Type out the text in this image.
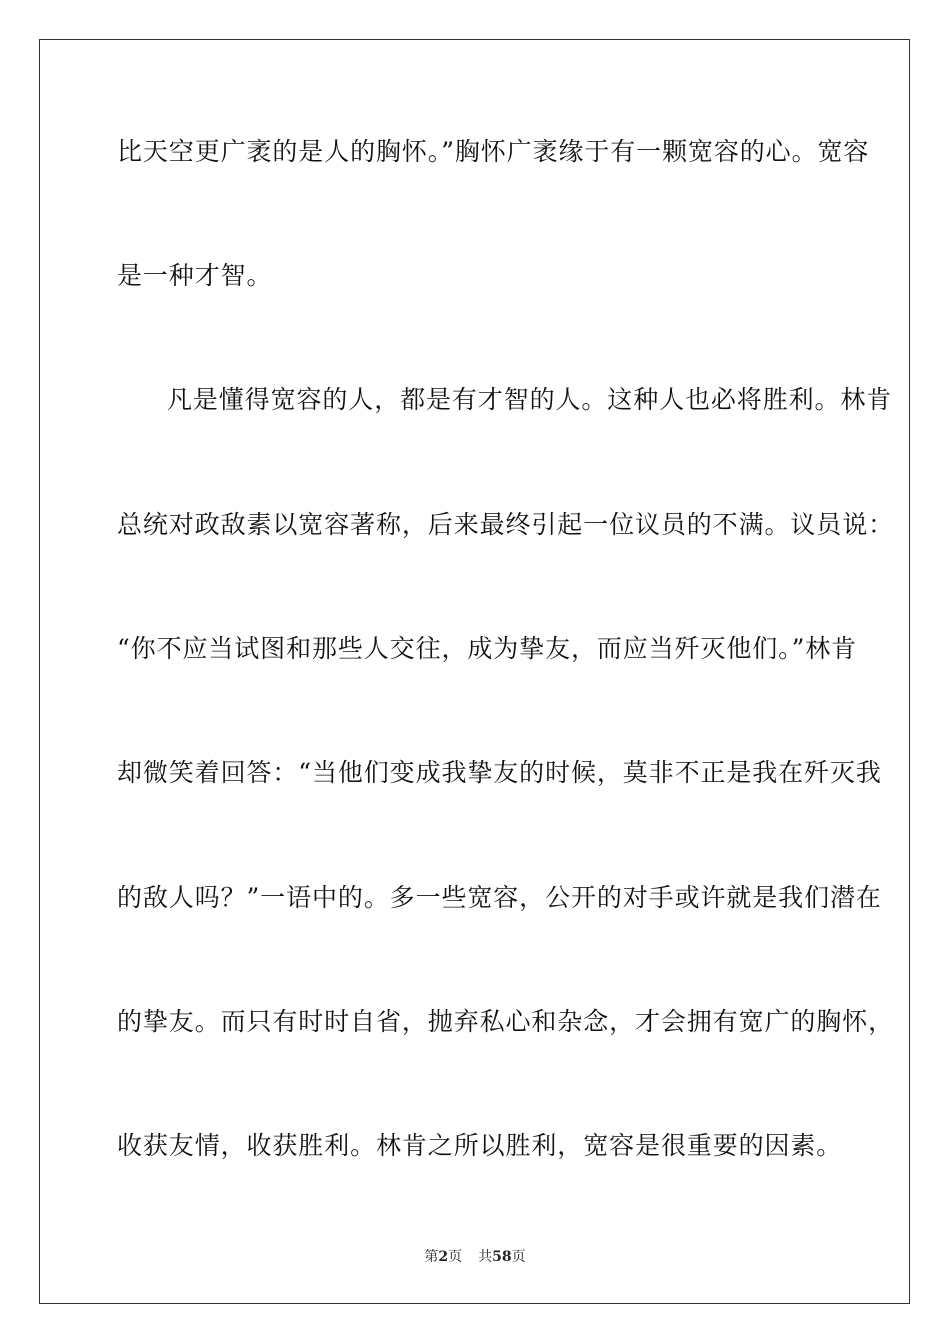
比天空更广袤的是人的胸怀。”胸怀广袤缘于有一颗宽容的心。宽容
是一种才智。
凡是懂得宽容的人，都是有才智的人。这种人也必将胜利。林肯
总统对政敌素以宽容著称，后来最终引起一位议员的不满。议员说：
“你不应当试图和那些人交往，成为挚友，而应当歼灭他们。”林肯
却微笑着回答：“当他们变成我挚友的时候，莫非不正是我在歼灭我
的敌人吗？”一语中的。多一些宽容，公开的对手或许就是我们潜在
的挚友。而只有时时自省，抛弃私心和杂念，才会拥有宽广的胸怀，
收获友情，收获胜利。林肯之所以胜利，宽容是很重要的因素。
第2页 共58页
